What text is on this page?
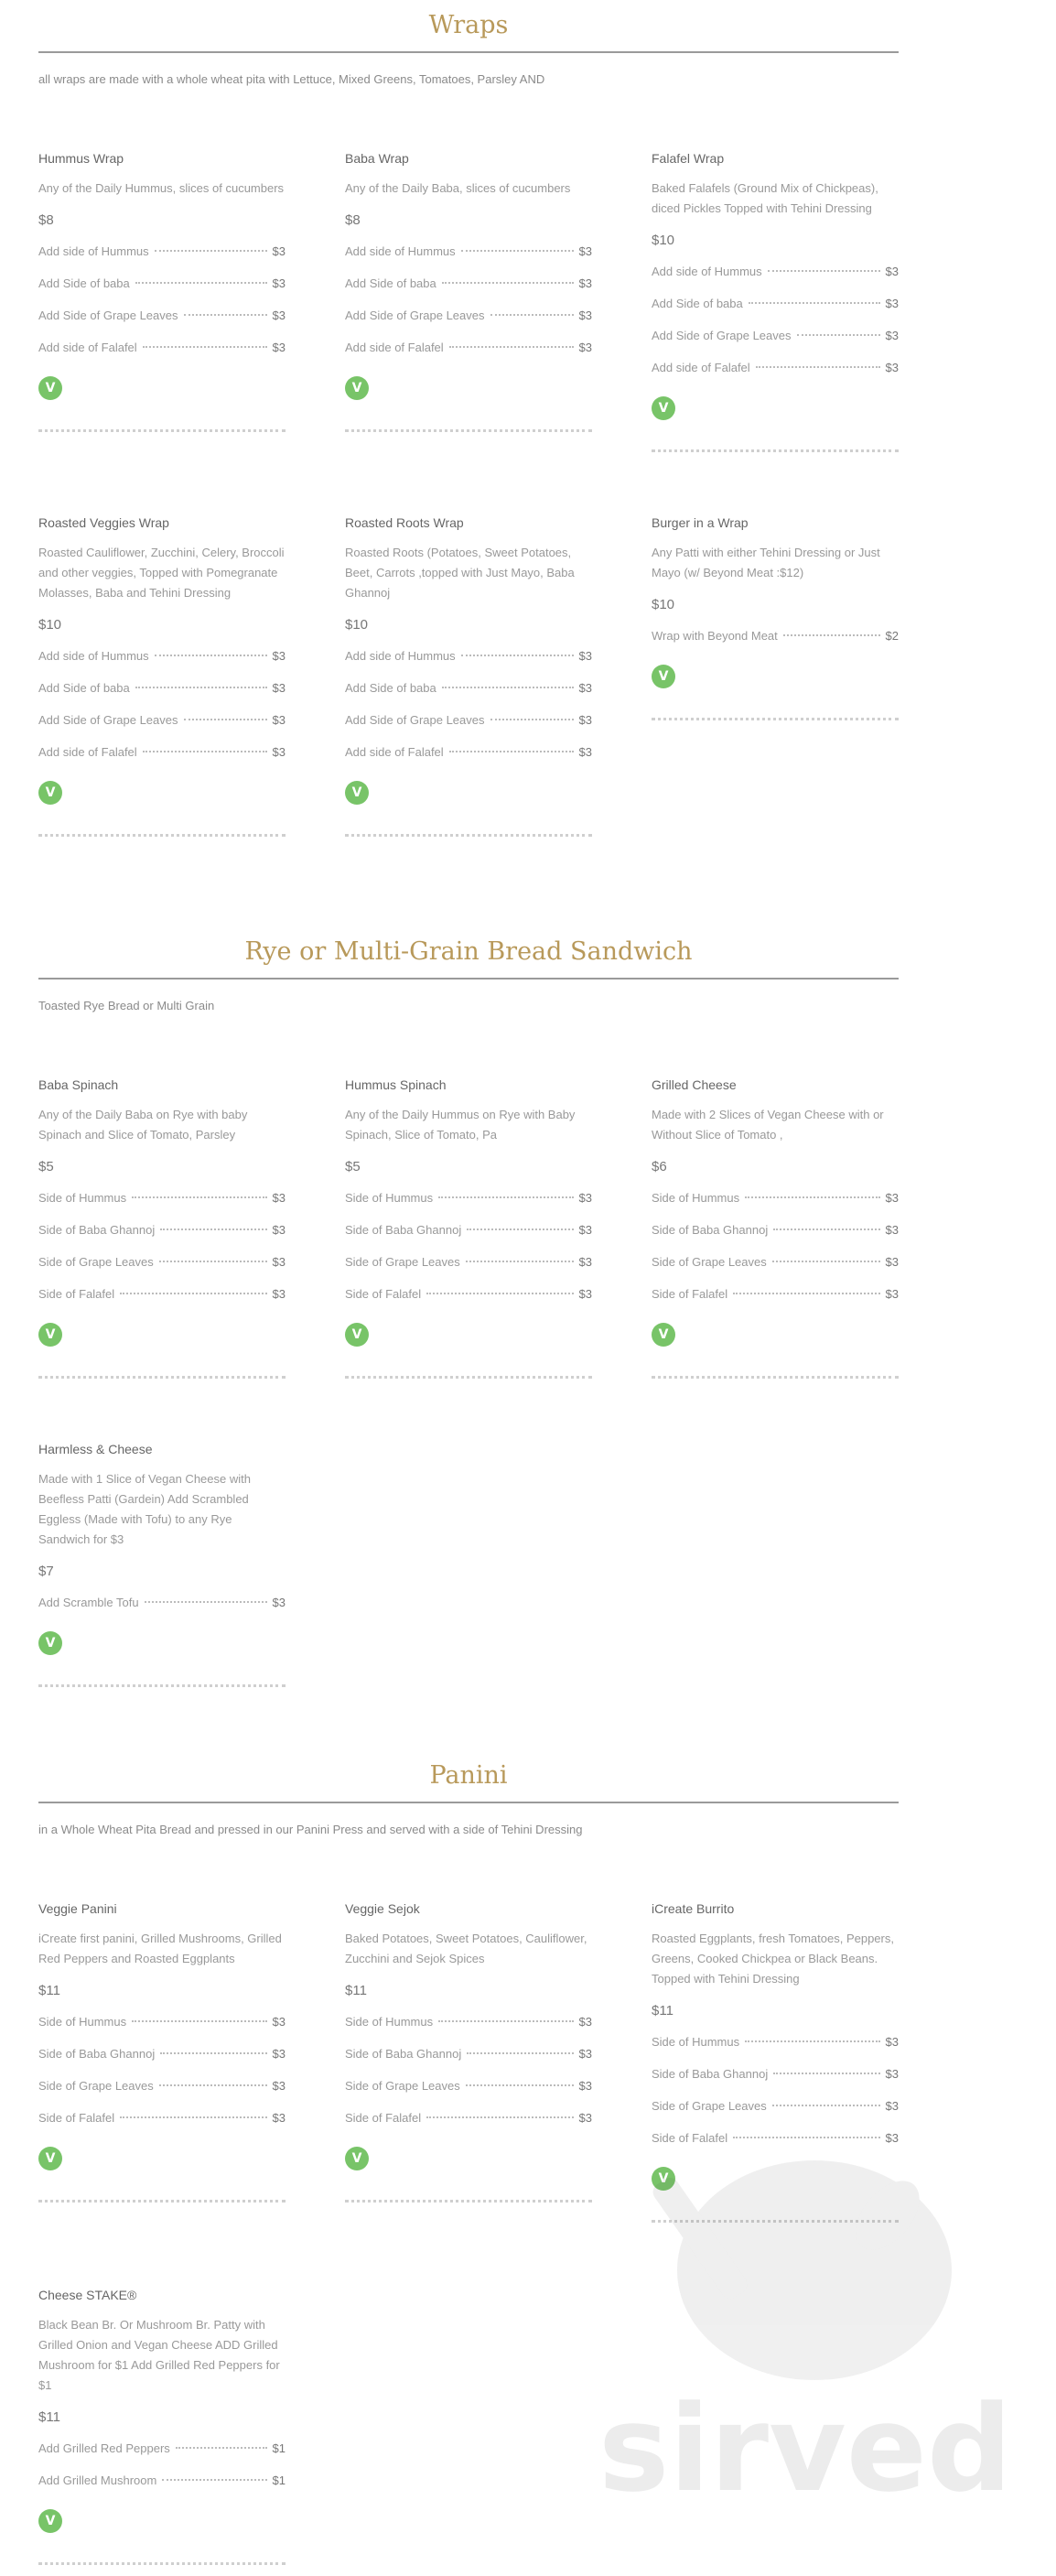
Wraps
all wraps are made with a whole wheat pita with Lettuce, Mixed Greens, Tomatoes, Parsley AND
Hummus Wrap
Any of the Daily Hummus, slices of cucumbers
$8
Add side of Hummus	$3
Add Side of baba	$3
Add Side of Grape Leaves	$3
Add side of Falafel	$3
V
Baba Wrap
Any of the Daily Baba, slices of cucumbers
$8
Add side of Hummus	$3
Add Side of baba	$3
Add Side of Grape Leaves	$3
Add side of Falafel	$3
V
Falafel Wrap
Baked Falafels (Ground Mix of Chickpeas), diced Pickles Topped with Tehini Dressing
$10
Add side of Hummus	$3
Add Side of baba	$3
Add Side of Grape Leaves	$3
Add side of Falafel	$3
V
Roasted Veggies Wrap
Roasted Cauliflower, Zucchini, Celery, Broccoli and other veggies, Topped with Pomegranate Molasses, Baba and Tehini Dressing
$10
Add side of Hummus	$3
Add Side of baba	$3
Add Side of Grape Leaves	$3
Add side of Falafel	$3
V
Roasted Roots Wrap
Roasted Roots (Potatoes, Sweet Potatoes, Beet, Carrots ,topped with Just Mayo, Baba Ghannoj
$10
Add side of Hummus	$3
Add Side of baba	$3
Add Side of Grape Leaves	$3
Add side of Falafel	$3
V
Burger in a Wrap
Any Patti with either Tehini Dressing or Just Mayo (w/ Beyond Meat :$12)
$10
Wrap with Beyond Meat	$2
V
Rye or Multi-Grain Bread Sandwich
Toasted Rye Bread or Multi Grain
Baba Spinach
Any of the Daily Baba on Rye with baby Spinach and Slice of Tomato, Parsley
$5
Side of Hummus	$3
Side of Baba Ghannoj	$3
Side of Grape Leaves	$3
Side of Falafel	$3
V
Hummus Spinach
Any of the Daily Hummus on Rye with Baby Spinach, Slice of Tomato, Pa
$5
Side of Hummus	$3
Side of Baba Ghannoj	$3
Side of Grape Leaves	$3
Side of Falafel	$3
V
Grilled Cheese
Made with 2 Slices of Vegan Cheese with or Without Slice of Tomato ,
$6
Side of Hummus	$3
Side of Baba Ghannoj	$3
Side of Grape Leaves	$3
Side of Falafel	$3
V
Harmless & Cheese
Made with 1 Slice of Vegan Cheese with Beefless Patti (Gardein) Add Scrambled Eggless (Made with Tofu) to any Rye Sandwich for $3
$7
Add Scramble Tofu	$3
V
Panini
in a Whole Wheat Pita Bread and pressed in our Panini Press and served with a side of Tehini Dressing
Veggie Panini
iCreate first panini, Grilled Mushrooms, Grilled Red Peppers and Roasted Eggplants
$11
Side of Hummus	$3
Side of Baba Ghannoj	$3
Side of Grape Leaves	$3
Side of Falafel	$3
V
Veggie Sejok
Baked Potatoes, Sweet Potatoes, Cauliflower, Zucchini and Sejok Spices
$11
Side of Hummus	$3
Side of Baba Ghannoj	$3
Side of Grape Leaves	$3
Side of Falafel	$3
V
iCreate Burrito
Roasted Eggplants, fresh Tomatoes, Peppers, Greens, Cooked Chickpea or Black Beans. Topped with Tehini Dressing
$11
Side of Hummus	$3
Side of Baba Ghannoj	$3
Side of Grape Leaves	$3
Side of Falafel	$3
V
Cheese STAKE®
Black Bean Br. Or Mushroom Br. Patty with Grilled Onion and Vegan Cheese ADD Grilled Mushroom for $1 Add Grilled Red Peppers for $1
$11
Add Grilled Red Peppers	$1
Add Grilled Mushroom	$1
V
sirved
